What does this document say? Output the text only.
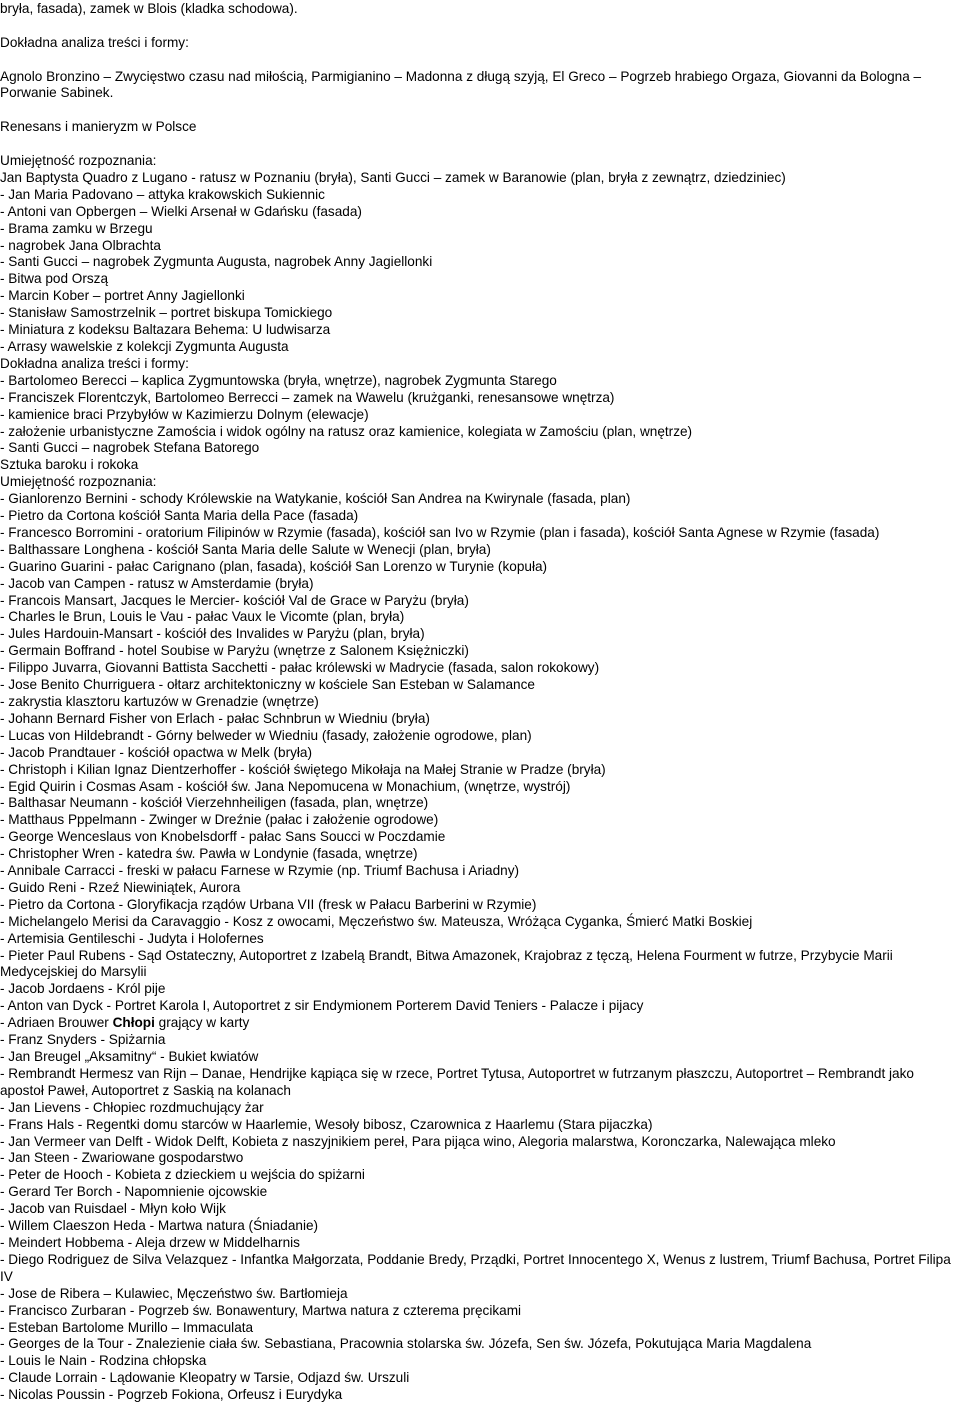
bryła, fasada), zamek w Blois (kladka schodowa).
Dokładna analiza treści i formy:
Agnolo Bronzino – Zwycięstwo czasu nad miłością, Parmigianino – Madonna z długą szyją, El Greco – Pogrzeb hrabiego Orgaza, Giovanni da Bologna – Porwanie Sabinek.
Renesans i manieryzm w Polsce
Umiejętność rozpoznania:
Jan Baptysta Quadro z Lugano - ratusz w Poznaniu (bryła), Santi Gucci – zamek w Baranowie (plan, bryła z zewnątrz, dziedziniec)
- Jan Maria Padovano – attyka krakowskich Sukiennic
- Antoni van Opbergen – Wielki Arsenał w Gdańsku (fasada)
- Brama zamku w Brzegu
- nagrobek Jana Olbrachta
- Santi Gucci – nagrobek Zygmunta Augusta, nagrobek Anny Jagiellonki
- Bitwa pod Orszą
- Marcin Kober – portret Anny Jagiellonki
- Stanisław Samostrzelnik – portret biskupa Tomickiego
- Miniatura z kodeksu Baltazara Behema: U ludwisarza
- Arrasy wawelskie z kolekcji Zygmunta Augusta
Dokładna analiza treści i formy:
- Bartolomeo Berecci – kaplica Zygmuntowska (bryła, wnętrze), nagrobek Zygmunta Starego
- Franciszek Florentczyk, Bartolomeo Berrecci – zamek na Wawelu (krużganki, renesansowe wnętrza)
- kamienice braci Przybyłów w Kazimierzu Dolnym (elewacje)
- założenie urbanistyczne Zamościa i widok ogólny na ratusz oraz kamienice, kolegiata w Zamościu (plan, wnętrze)
- Santi Gucci – nagrobek Stefana Batorego
Sztuka baroku i rokoka
Umiejętność rozpoznania:
- Gianlorenzo Bernini - schody Królewskie na Watykanie, kościół San Andrea na Kwirynale (fasada, plan)
- Pietro da Cortona kościół Santa Maria della Pace (fasada)
- Francesco Borromini - oratorium Filipinów w Rzymie (fasada), kościół san Ivo w Rzymie (plan i fasada), kościół Santa Agnese w Rzymie (fasada)
- Balthassare Longhena - kościół Santa Maria delle Salute w Wenecji (plan, bryła)
- Guarino Guarini - pałac Carignano (plan, fasada), kościół San Lorenzo w Turynie (kopuła)
- Jacob van Campen - ratusz w Amsterdamie (bryła)
- Francois Mansart, Jacques le Mercier- kościół Val de Grace w Paryżu (bryła)
- Charles le Brun, Louis le Vau - pałac Vaux le Vicomte (plan, bryła)
- Jules Hardouin-Mansart - kościół des Invalides w Paryżu (plan, bryła)
- Germain Boffrand - hotel Soubise w Paryżu (wnętrze z Salonem Księżniczki)
- Filippo Juvarra, Giovanni Battista Sacchetti - pałac królewski w Madrycie (fasada, salon rokokowy)
- Jose Benito Churriguera - ołtarz architektoniczny w kościele San Esteban w Salamance
- zakrystia klasztoru kartuzów w Grenadzie (wnętrze)
- Johann Bernard Fisher von Erlach - pałac Schnbrun w Wiedniu (bryła)
- Lucas von Hildebrandt - Górny belweder w Wiedniu (fasady, założenie ogrodowe, plan)
- Jacob Prandtauer - kościół opactwa w Melk (bryła)
- Christoph i Kilian Ignaz Dientzerhoffer - kościół świętego Mikołaja na Małej Stranie w Pradze (bryła)
- Egid Quirin i Cosmas Asam - kościół św. Jana Nepomucena w Monachium, (wnętrze, wystrój)
- Balthasar Neumann - kościół Vierzehnheiligen (fasada, plan, wnętrze)
- Matthaus Pppelmann - Zwinger w Dreźnie (pałac i założenie ogrodowe)
- George Wenceslaus von Knobelsdorff - pałac Sans Soucci w Poczdamie
- Christopher Wren - katedra św. Pawła w Londynie (fasada, wnętrze)
- Annibale Carracci - freski w pałacu Farnese w Rzymie (np. Triumf Bachusa i Ariadny)
- Guido Reni - Rzeź Niewiniątek, Aurora
- Pietro da Cortona - Gloryfikacja rządów Urbana VII (fresk w Pałacu Barberini w Rzymie)
- Michelangelo Merisi da Caravaggio - Kosz z owocami, Męczeństwo św. Mateusza, Wróżąca Cyganka, Śmierć Matki Boskiej
- Artemisia Gentileschi - Judyta i Holofernes
- Pieter Paul Rubens - Sąd Ostateczny, Autoportret z Izabelą Brandt, Bitwa Amazonek, Krajobraz z tęczą, Helena Fourment w futrze, Przybycie Marii Medycejskiej do Marsylii
- Jacob Jordaens - Król pije
- Anton van Dyck - Portret Karola I, Autoportret z sir Endymionem Porterem David Teniers - Palacze i pijacy
- Adriaen Brouwer Chłopi grający w karty
- Franz Snyders - Spiżarnia
- Jan Breugel „Aksamitny“ - Bukiet kwiatów
- Rembrandt Hermesz van Rijn – Danae, Hendrijke kąpiąca się w rzece, Portret Tytusa, Autoportret w futrzanym płaszczu, Autoportret – Rembrandt jako apostoł Paweł, Autoportret z Saskią na kolanach
- Jan Lievens - Chłopiec rozdmuchujący żar
- Frans Hals - Regentki domu starców w Haarlemie, Wesoły bibosz, Czarownica z Haarlemu (Stara pijaczka)
- Jan Vermeer van Delft - Widok Delft, Kobieta z naszyjnikiem pereł, Para pijąca wino, Alegoria malarstwa, Koronczarka, Nalewająca mleko
- Jan Steen - Zwariowane gospodarstwo
- Peter de Hooch - Kobieta z dzieckiem u wejścia do spiżarni
- Gerard Ter Borch - Napomnienie ojcowskie
- Jacob van Ruisdael - Młyn koło Wijk
- Willem Claeszon Heda - Martwa natura (Śniadanie)
- Meindert Hobbema - Aleja drzew w Middelharnis
- Diego Rodriguez de Silva Velazquez - Infantka Małgorzata, Poddanie Bredy, Prządki, Portret Innocentego X, Wenus z lustrem, Triumf Bachusa, Portret Filipa IV
- Jose de Ribera – Kulawiec, Męczeństwo św. Bartłomieja
- Francisco Zurbaran - Pogrzeb św. Bonawentury, Martwa natura z czterema pręcikami
- Esteban Bartolome Murillo – Immaculata
- Georges de la Tour - Znalezienie ciała św. Sebastiana, Pracownia stolarska św. Józefa, Sen św. Józefa, Pokutująca Maria Magdalena
- Louis le Nain - Rodzina chłopska
- Claude Lorrain - Lądowanie Kleopatry w Tarsie, Odjazd św. Urszuli
- Nicolas Poussin - Pogrzeb Fokiona, Orfeusz i Eurydyka
